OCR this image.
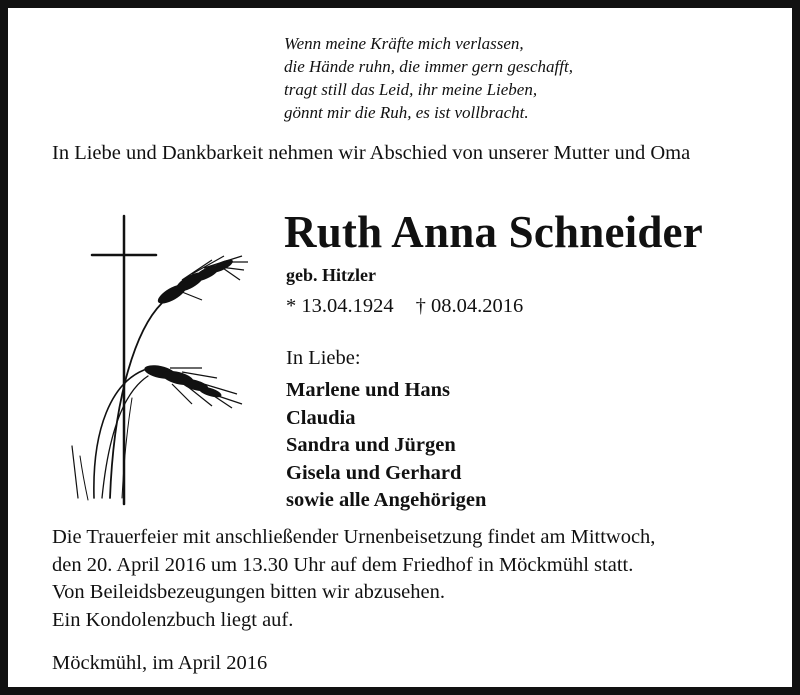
Wenn meine Kräfte mich verlassen,
die Hände ruhn, die immer gern geschafft,
tragt still das Leid, ihr meine Lieben,
gönnt mir die Ruh, es ist vollbracht.
In Liebe und Dankbarkeit nehmen wir Abschied von unserer Mutter und Oma
Ruth Anna Schneider
geb. Hitzler
* 13.04.1924 † 08.04.2016
In Liebe:
Marlene und Hans
Claudia
Sandra und Jürgen
Gisela und Gerhard
sowie alle Angehörigen
Die Trauerfeier mit anschließender Urnenbeisetzung findet am Mittwoch,
den 20. April 2016 um 13.30 Uhr auf dem Friedhof in Möckmühl statt.
Von Beileidsbezeugungen bitten wir abzusehen.
Ein Kondolenzbuch liegt auf.
Möckmühl, im April 2016
